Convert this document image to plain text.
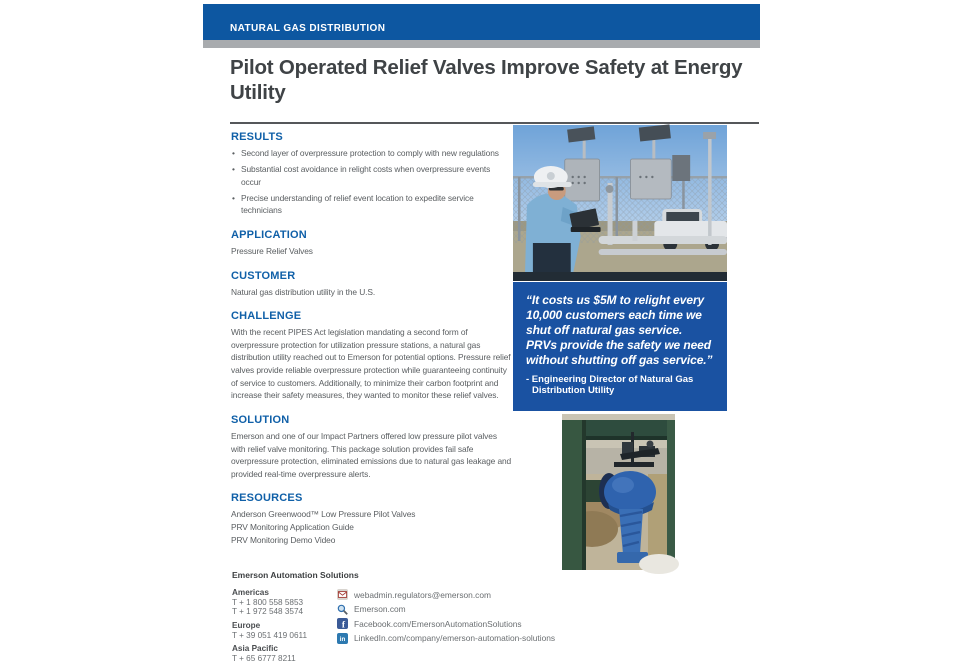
NATURAL GAS DISTRIBUTION
Pilot Operated Relief Valves Improve Safety at Energy Utility
RESULTS
• Second layer of overpressure protection to comply with new regulations
• Substantial cost avoidance in relight costs when overpressure events occur
• Precise understanding of relief event location to expedite service technicians
APPLICATION

Pressure Relief Valves

CUSTOMER

Natural gas distribution utility in the U.S.

CHALLENGE

With the recent PIPES Act legislation mandating a second form of overpressure protection for utilization pressure stations, a natural gas distribution utility reached out to Emerson for potential options. Pressure relief valves provide reliable overpressure protection while guaranteeing continuity of service to customers. Additionally, to minimize their carbon footprint and increase their safety measures, they wanted to monitor these relief valves.

SOLUTION

Emerson and one of our Impact Partners offered low pressure pilot valves with relief valve monitoring. This package solution provides fail safe overpressure protection, eliminated emissions due to natural gas leakage and provided real-time overpressure alerts.

RESOURCES

Anderson Greenwood™ Low Pressure Pilot Valves

PRV Monitoring Application Guide

PRV Monitoring Demo Video

“It costs us $5M to relight every 10,000 customers each time we shut off natural gas service. PRVs provide the safety we need without shutting off gas service.”
- Engineering Director of Natural Gas
Distribution Utility
Emerson Automation Solutions
Americas
T + 1 800 558 5853
T + 1 972 548 3574
Europe
T + 39 051 419 0611
Asia Pacific
T + 65 6777 8211
webadmin.regulators@emerson.com
Emerson.com
f Facebook.com/EmersonAutomationSolutions
in LinkedIn.com/company/emerson-automation-solutions
